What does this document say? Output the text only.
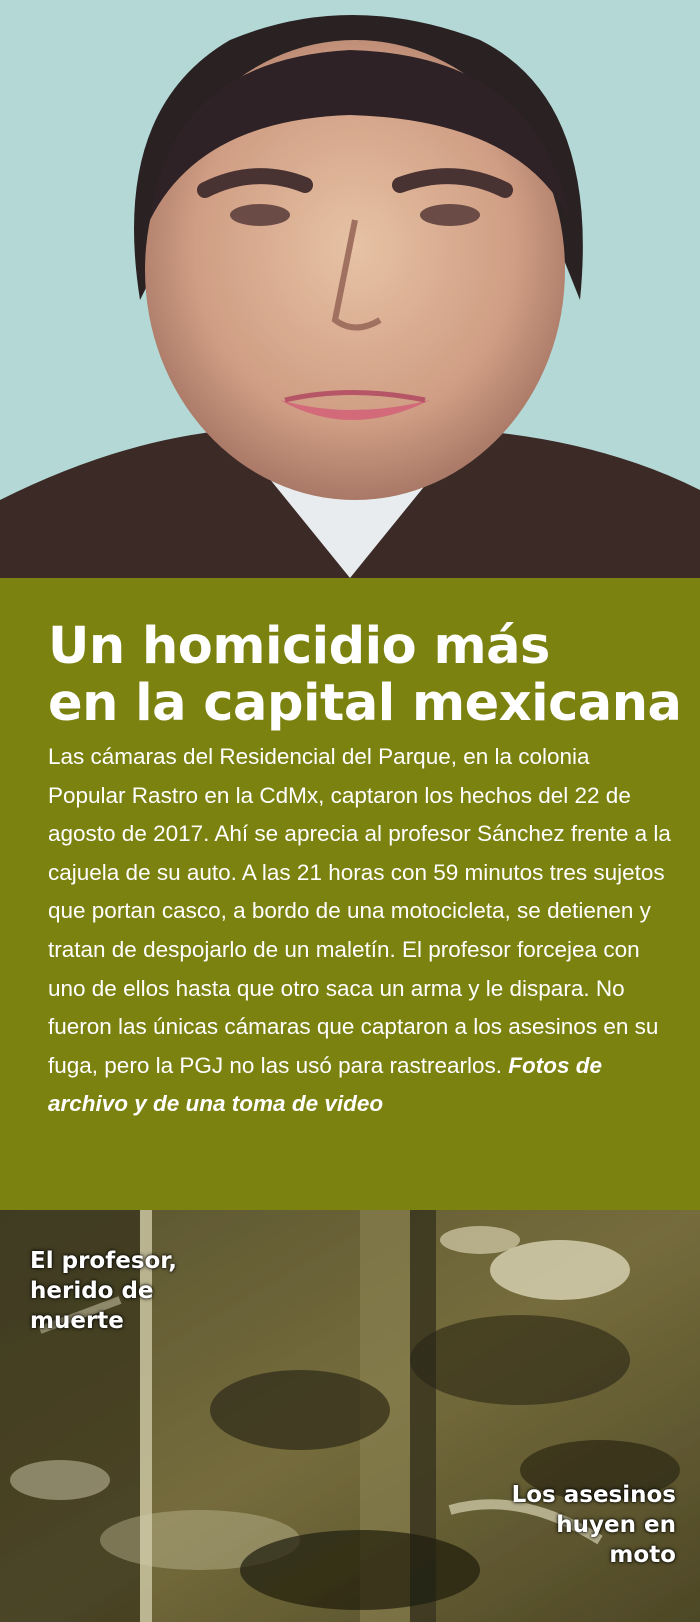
Un homicidio más
en la capital mexicana

Las cámaras del Residencial del Parque, en la colonia Popular Rastro en la CdMx, captaron los hechos del 22 de agosto de 2017. Ahí se aprecia al profesor Sánchez frente a la cajuela de su auto. A las 21 horas con 59 minutos tres sujetos que portan casco, a bordo de una motocicleta, se detienen y tratan de despojarlo de un maletín. El profesor forcejea con uno de ellos hasta que otro saca un arma y le dispara. No fueron las únicas cámaras que captaron a los asesinos en su fuga, pero la PGJ no las usó para rastrearlos. Fotos de archivo y de una toma de video

El profesor,
herido de
muerte

Los asesinos
huyen en
moto
